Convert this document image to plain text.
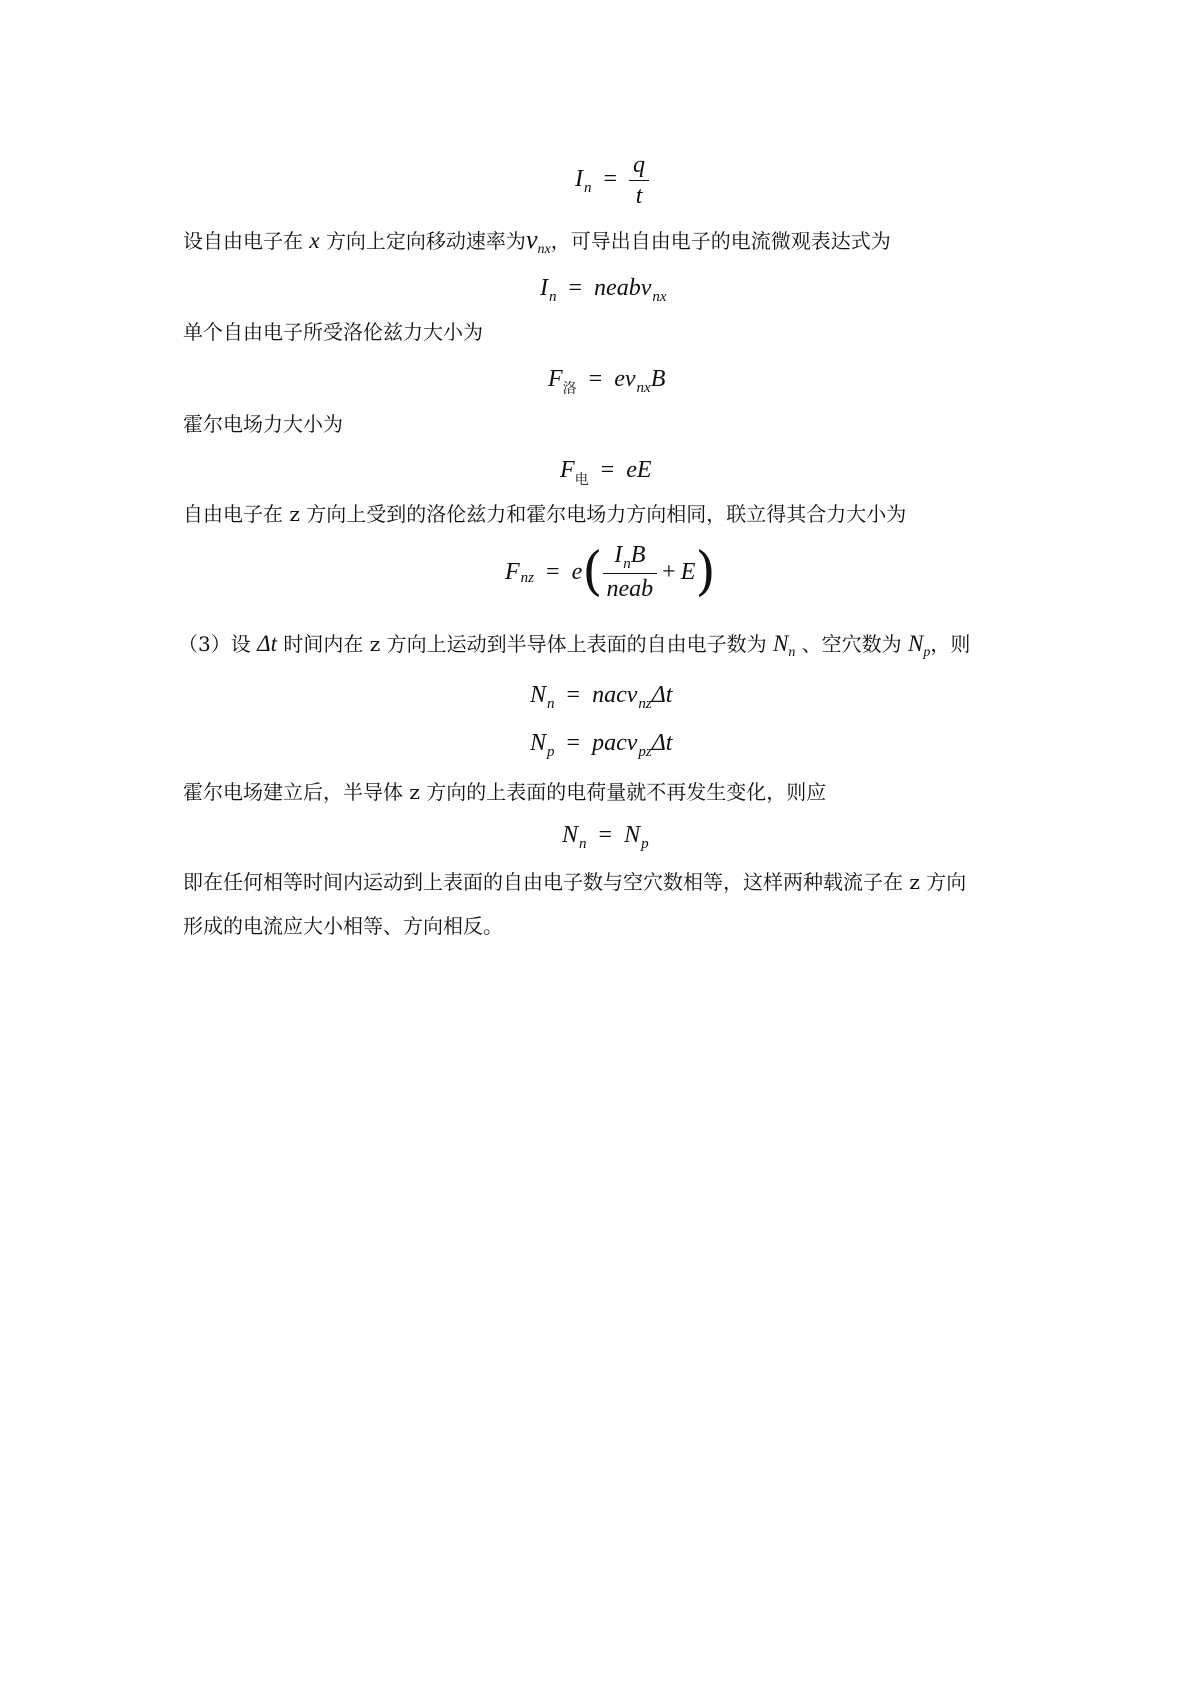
$I_n = \frac{q}{t}$
设自由电子在 x 方向上定向移动速率为$v_{nx}$，可导出自由电子的电流微观表达式为
$I_n$ = neabv$_{nx}$
单个自由电子所受洛伦兹力大小为
$F_洛 = ev_{nx}B$
霍尔电场力大小为
$F_电$ = eE
自由电子在 z 方向上受到的洛伦兹力和霍尔电场力方向相同，联立得其合力大小为
$F_{nz} = e( \frac{I_nB}{\text{neab}} + E)$
（3）设 Δt 时间内在 z 方向上运动到半导体上表面的自由电子数为 $N_n$ 、空穴数为 $N_p$，则
$N_n$ = nacv$_{nz}$Δt
$N_p$ = pacv$_{pz}$Δt
霍尔电场建立后，半导体 z 方向的上表面的电荷量就不再发生变化，则应
$N_n = N_p$
即在任何相等时间内运动到上表面的自由电子数与空穴数相等，这样两种载流子在 z 方向
形成的电流应大小相等、方向相反。
